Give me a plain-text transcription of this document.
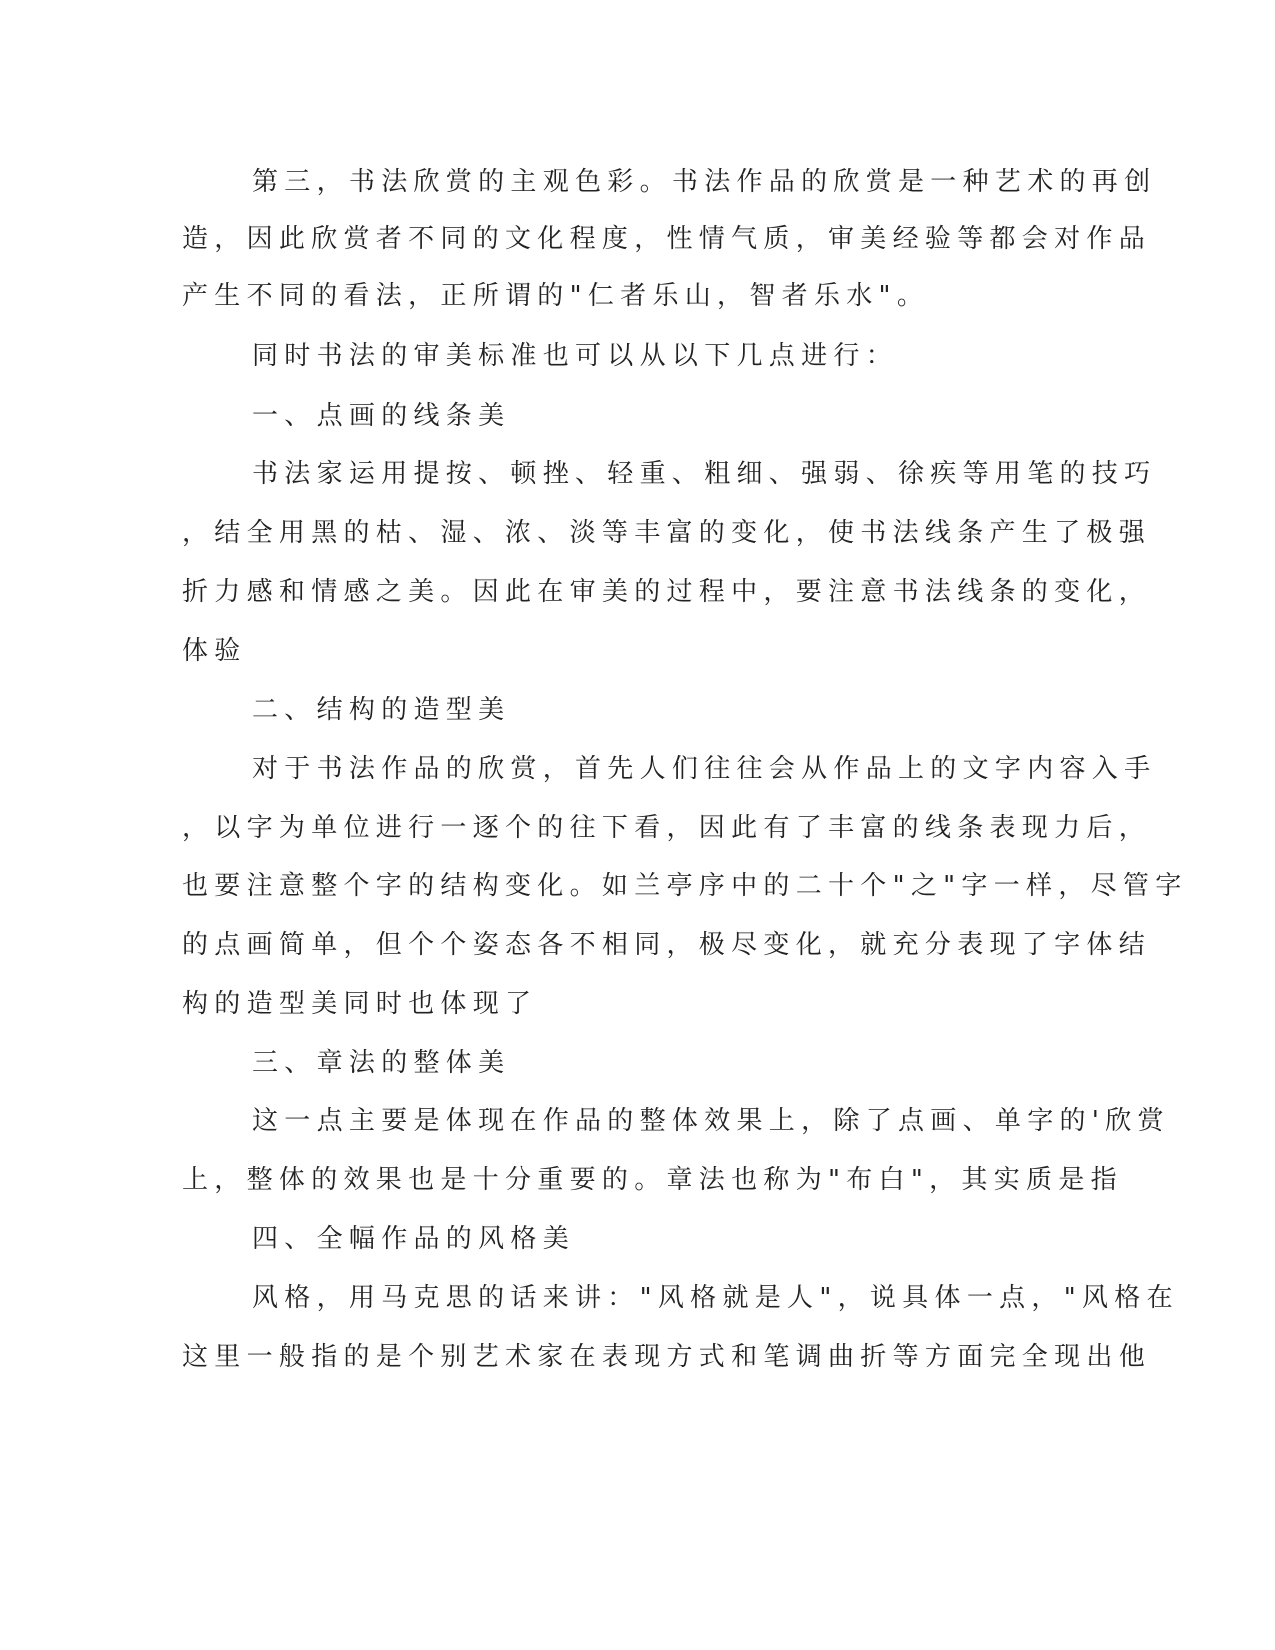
第三，书法欣赏的主观色彩。书法作品的欣赏是一种艺术的再创
造，因此欣赏者不同的文化程度，性情气质，审美经验等都会对作品
产生不同的看法，正所谓的"仁者乐山，智者乐水"。
同时书法的审美标准也可以从以下几点进行：
一、点画的线条美
书法家运用提按、顿挫、轻重、粗细、强弱、徐疾等用笔的技巧
，结全用黑的枯、湿、浓、淡等丰富的变化，使书法线条产生了极强
折力感和情感之美。因此在审美的过程中，要注意书法线条的变化，
体验
二、结构的造型美
对于书法作品的欣赏，首先人们往往会从作品上的文字内容入手
，以字为单位进行一逐个的往下看，因此有了丰富的线条表现力后，
也要注意整个字的结构变化。如兰亭序中的二十个"之"字一样，尽管字
的点画简单，但个个姿态各不相同，极尽变化，就充分表现了字体结
构的造型美同时也体现了
三、章法的整体美
这一点主要是体现在作品的整体效果上，除了点画、单字的'欣赏
上，整体的效果也是十分重要的。章法也称为"布白"，其实质是指
四、全幅作品的风格美
风格，用马克思的话来讲："风格就是人"，说具体一点，"风格在
这里一般指的是个别艺术家在表现方式和笔调曲折等方面完全现出他
